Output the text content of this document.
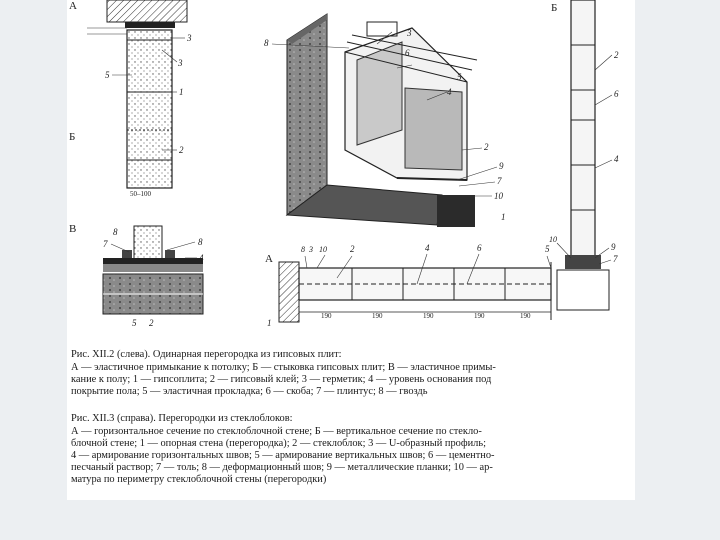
А
3
3
5
1
2
Б
50–100
В
7
8
8
4
5 2
8
3
6
5
4
2
9
7
10
1
Б
2
6
4
10
9
7
А
190	190	190	190	190
8 3 10	2	4	6	5
1
Рис. XII.2 (слева). Одинарная перегородка из гипсовых плит:
А — эластичное примыкание к потолку; Б — стыковка гипсовых плит; В — эластичное примы-
кание к полу; 1 — гипсоплита; 2 — гипсовый клей; 3 — герметик; 4 — уровень основания под
покрытие пола; 5 — эластичная прокладка; 6 — скоба; 7 — плинтус; 8 — гвоздь
Рис. XII.3 (справа). Перегородки из стеклоблоков:
А — горизонтальное сечение по стеклоблочной стене; Б — вертикальное сечение по стекло-
блочной стене; 1 — опорная стена (перегородка); 2 — стеклоблок; 3 — U-образный профиль;
4 — армирование горизонтальных швов; 5 — армирование вертикальных швов; 6 — цементно-
песчаный раствор; 7 — толь; 8 — деформационный шов; 9 — металлические планки; 10 — ар-
матура по периметру стеклоблочной стены (перегородки)
